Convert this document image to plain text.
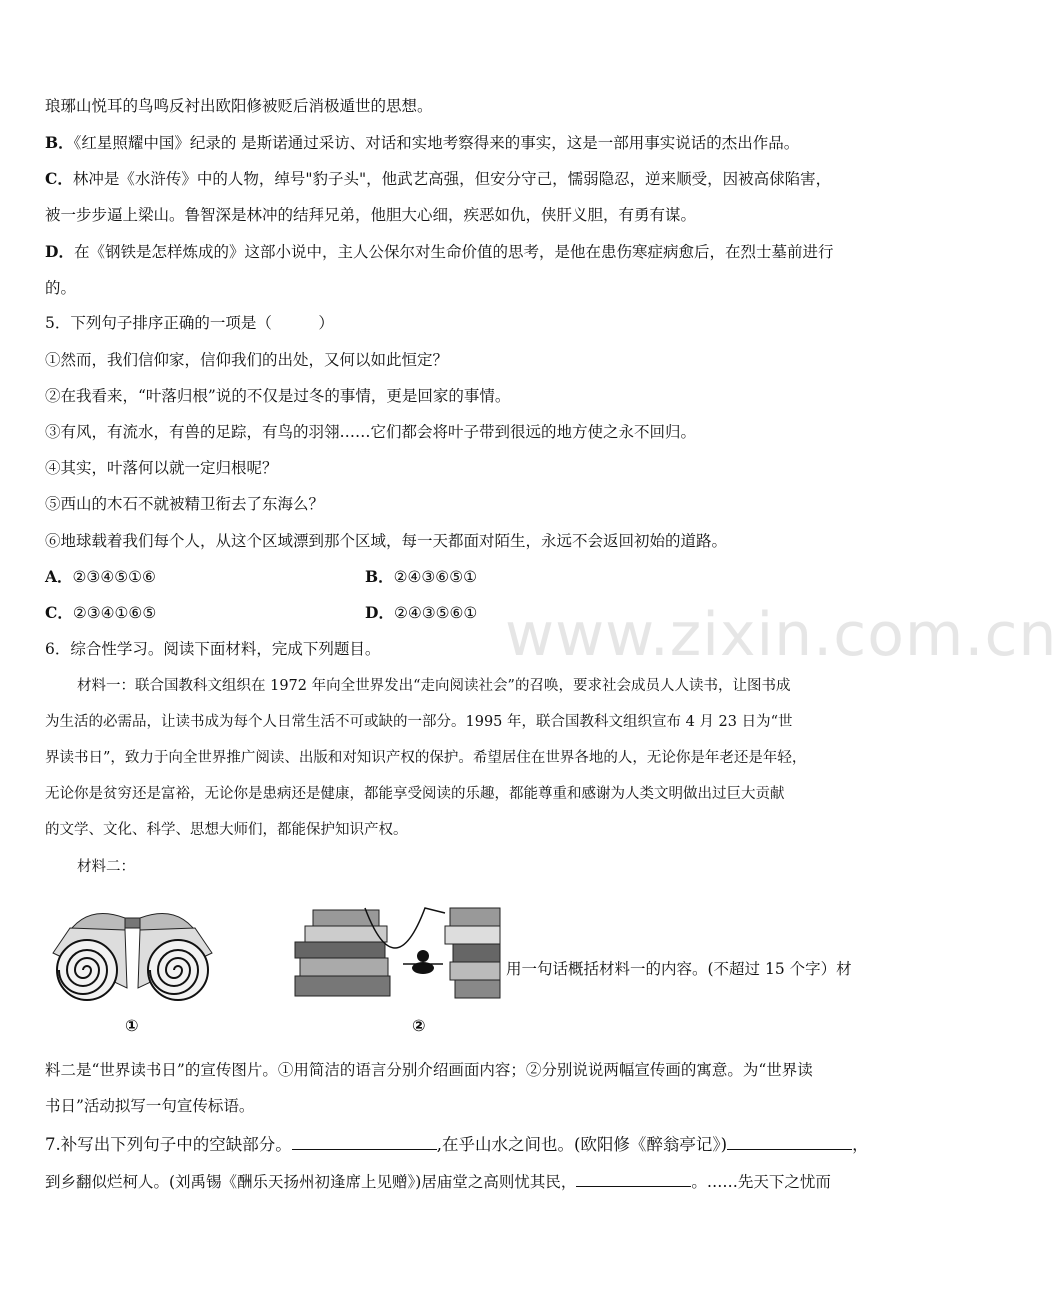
www.zixin.com.cn
琅琊山悦耳的鸟鸣反衬出欧阳修被贬后消极遁世的思想。
B．《红星照耀中国》纪录的 是斯诺通过采访、对话和实地考察得来的事实，这是一部用事实说话的杰出作品。
C．林冲是《水浒传》中的人物，绰号"豹子头"，他武艺高强，但安分守己，懦弱隐忍，逆来顺受，因被高俅陷害，
被一步步逼上梁山。鲁智深是林冲的结拜兄弟，他胆大心细，疾恶如仇，侠肝义胆，有勇有谋。
D．在《钢铁是怎样炼成的》这部小说中，主人公保尔对生命价值的思考，是他在患伤寒症病愈后，在烈士墓前进行
的。
5．下列句子排序正确的一项是（　　　）
①然而，我们信仰家，信仰我们的出处，又何以如此恒定？
②在我看来，“叶落归根”说的不仅是过冬的事情，更是回家的事情。
③有风，有流水，有兽的足踪，有鸟的羽翎……它们都会将叶子带到很远的地方使之永不回归。
④其实，叶落何以就一定归根呢？
⑤西山的木石不就被精卫衔去了东海么？
⑥地球载着我们每个人，从这个区域漂到那个区域，每一天都面对陌生，永远不会返回初始的道路。
A．②③④⑤①⑥	B．②④③⑥⑤①
C．②③④①⑥⑤	D．②④③⑤⑥①
6．综合性学习。阅读下面材料，完成下列题目。
材料一：联合国教科文组织在 1972 年向全世界发出“走向阅读社会”的召唤，要求社会成员人人读书，让图书成
为生活的必需品，让读书成为每个人日常生活不可或缺的一部分。1995 年，联合国教科文组织宣布 4 月 23 日为“世
界读书日”，致力于向全世界推广阅读、出版和对知识产权的保护。希望居住在世界各地的人，无论你是年老还是年轻，
无论你是贫穷还是富裕，无论你是患病还是健康，都能享受阅读的乐趣，都能尊重和感谢为人类文明做出过巨大贡献
的文学、文化、科学、思想大师们，都能保护知识产权。
材料二：
①	②
用一句话概括材料一的内容。(不超过 15 个字）材
料二是“世界读书日”的宣传图片。①用简洁的语言分别介绍画面内容；②分别说说两幅宣传画的寓意。为“世界读
书日”活动拟写一句宣传标语。
7.补写出下列句子中的空缺部分。	,在乎山水之间也。(欧阳修《醉翁亭记》)	，
到乡翻似烂柯人。(刘禹锡《酬乐天扬州初逢席上见赠》)居庙堂之高则忧其民，	。……先天下之忧而
